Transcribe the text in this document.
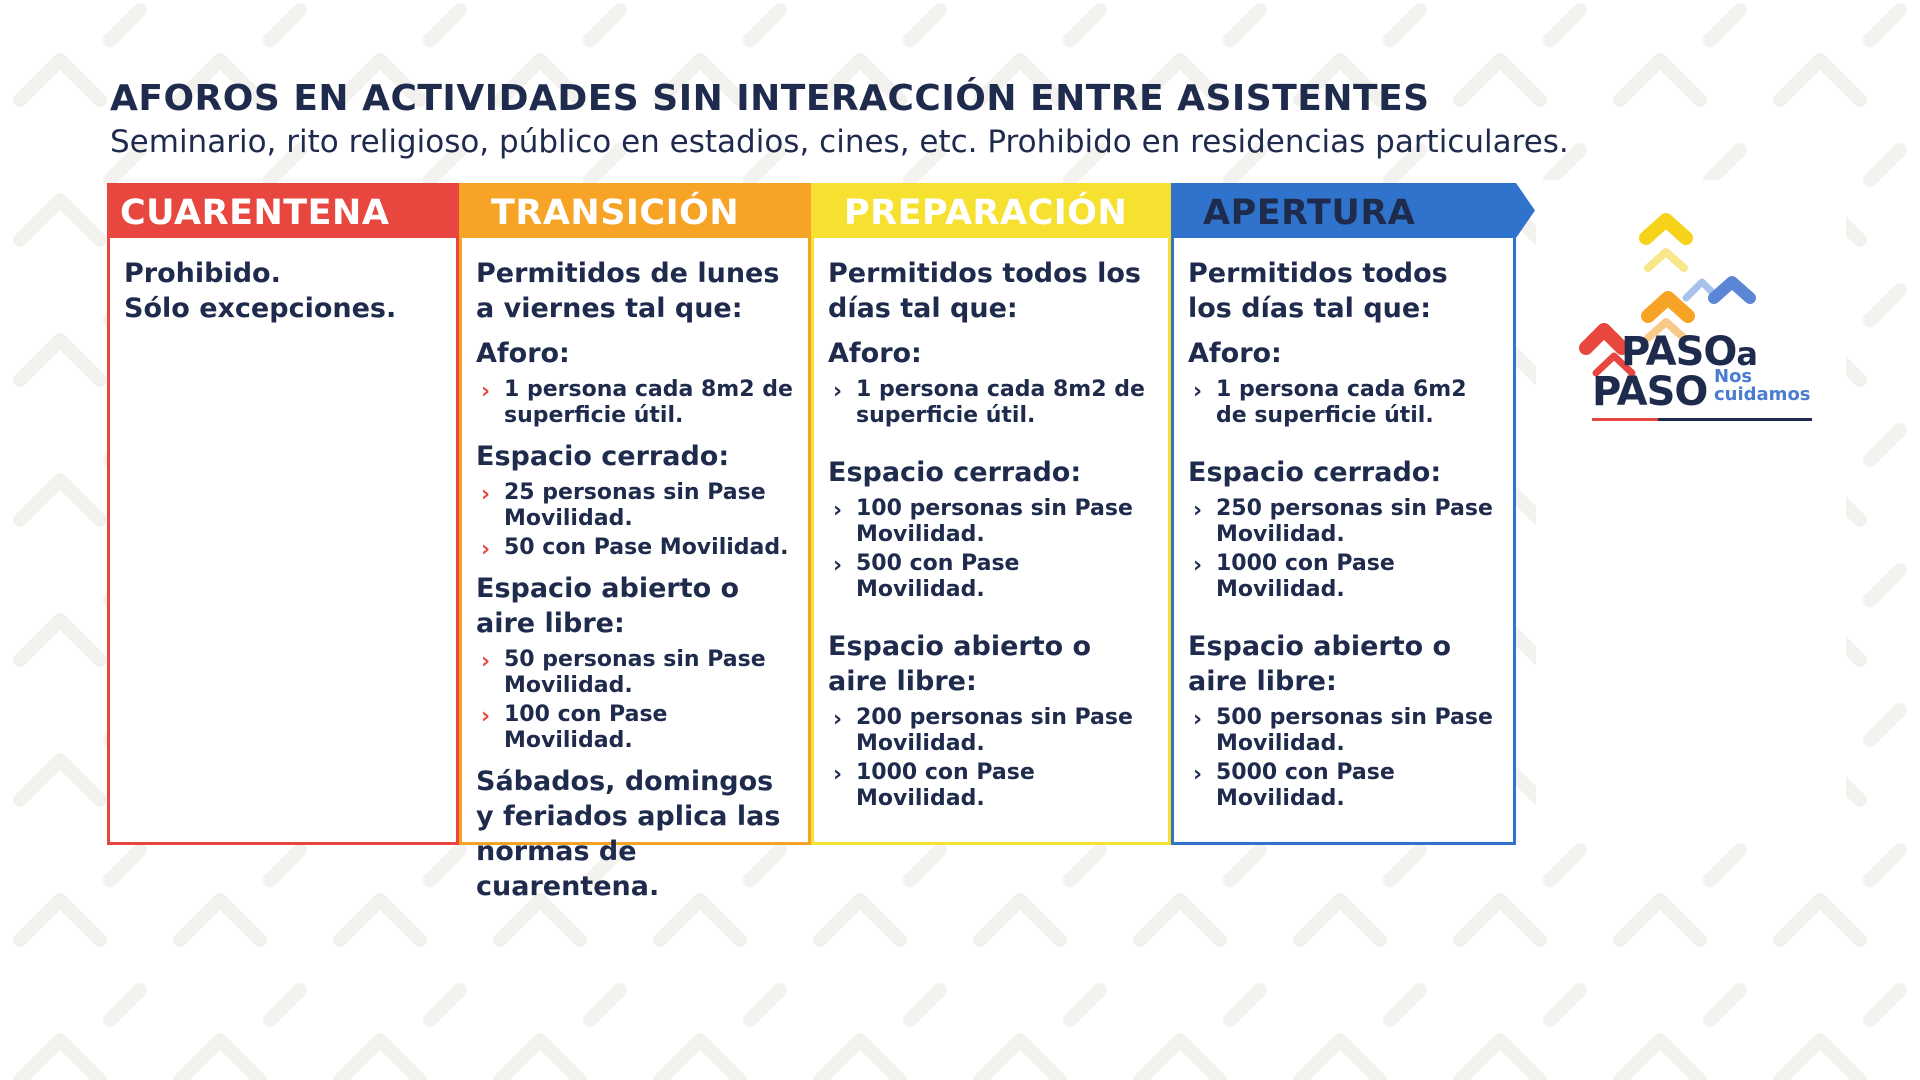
AFOROS EN ACTIVIDADES SIN INTERACCIÓN ENTRE ASISTENTES

Seminario, rito religioso, público en estadios, cines, etc. Prohibido en residencias particulares.

CUARENTENA

Prohibido.

Sólo excepciones.

TRANSICIÓN

Permitidos de lunes a viernes tal que:

Aforo:

› 1 persona cada 8m2 de superficie útil.

Espacio cerrado:

› 25 personas sin Pase Movilidad.
› 50 con Pase Movilidad.

Espacio abierto o aire libre:

› 50 personas sin Pase Movilidad.
› 100 con Pase Movilidad.

Sábados, domingos y feriados aplica las normas de cuarentena.

PREPARACIÓN

Permitidos todos los días tal que:

Aforo:

› 1 persona cada 8m2 de superficie útil.

Espacio cerrado:

› 100 personas sin Pase Movilidad.
› 500 con Pase Movilidad.

Espacio abierto o aire libre:

› 200 personas sin Pase Movilidad.
› 1000 con Pase Movilidad.
APERTURA

Permitidos todos los días tal que:

Aforo:

› 1 persona cada 6m2 de superficie útil.

Espacio cerrado:

› 250 personas sin Pase Movilidad.
› 1000 con Pase Movilidad.

Espacio abierto o aire libre:

› 500 personas sin Pase Movilidad.
› 5000 con Pase Movilidad.
PASOa
PASO Nos
cuidamos
